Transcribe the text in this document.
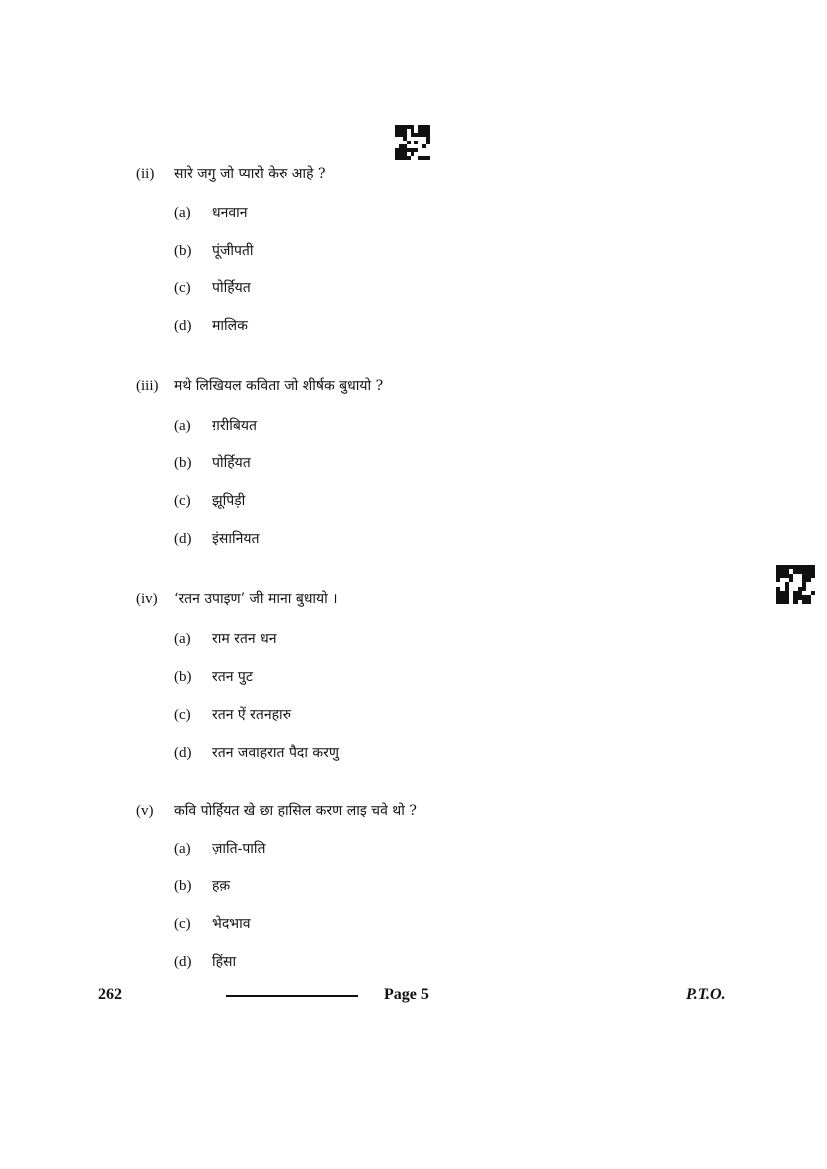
(ii)	सारे जगु जो प्यारो केरु आहे ?
(a)	धनवान
(b)	पूंजीपती
(c)	पोर्हियत
(d)	मालिक
(iii)	मथे लिखियल कविता जो शीर्षक बुधायो ?
(a)	ग़रीबियत
(b)	पोर्हियत
(c)	झूपिड़ी
(d)	इंसानियत
(iv)	‘रतन उपाइण’ जी माना बुधायो ।
(a)	राम रतन धन
(b)	रतन पुट
(c)	रतन ऐं रतनहारु
(d)	रतन जवाहरात पैदा करणु
(v)	कवि पोर्हियत खे छा हासिल करण लाइ चवे थो ?
(a)	ज़ाति-पाति
(b)	हक़
(c)	भेदभाव
(d)	हिंसा
262	Page 5	P.T.O.
